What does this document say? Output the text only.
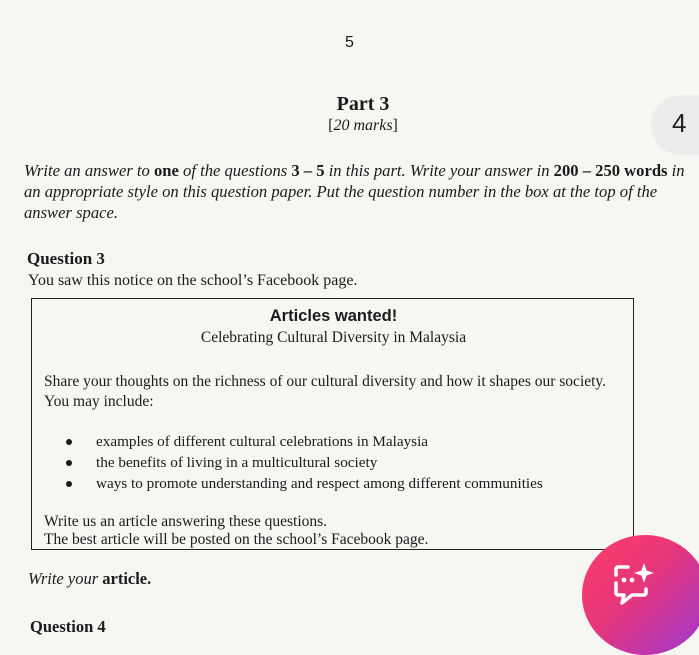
5
4
Part 3
[20 marks]
Write an answer to one of the questions 3 – 5 in this part. Write your answer in 200 – 250 words in an appropriate style on this question paper. Put the question number in the box at the top of the answer space.
Question 3
You saw this notice on the school’s Facebook page.
Articles wanted!
Celebrating Cultural Diversity in Malaysia
Share your thoughts on the richness of our cultural diversity and how it shapes our society.
You may include:
examples of different cultural celebrations in Malaysia
the benefits of living in a multicultural society
ways to promote understanding and respect among different communities
Write us an article answering these questions.
The best article will be posted on the school’s Facebook page.
Write your article.
Question 4
